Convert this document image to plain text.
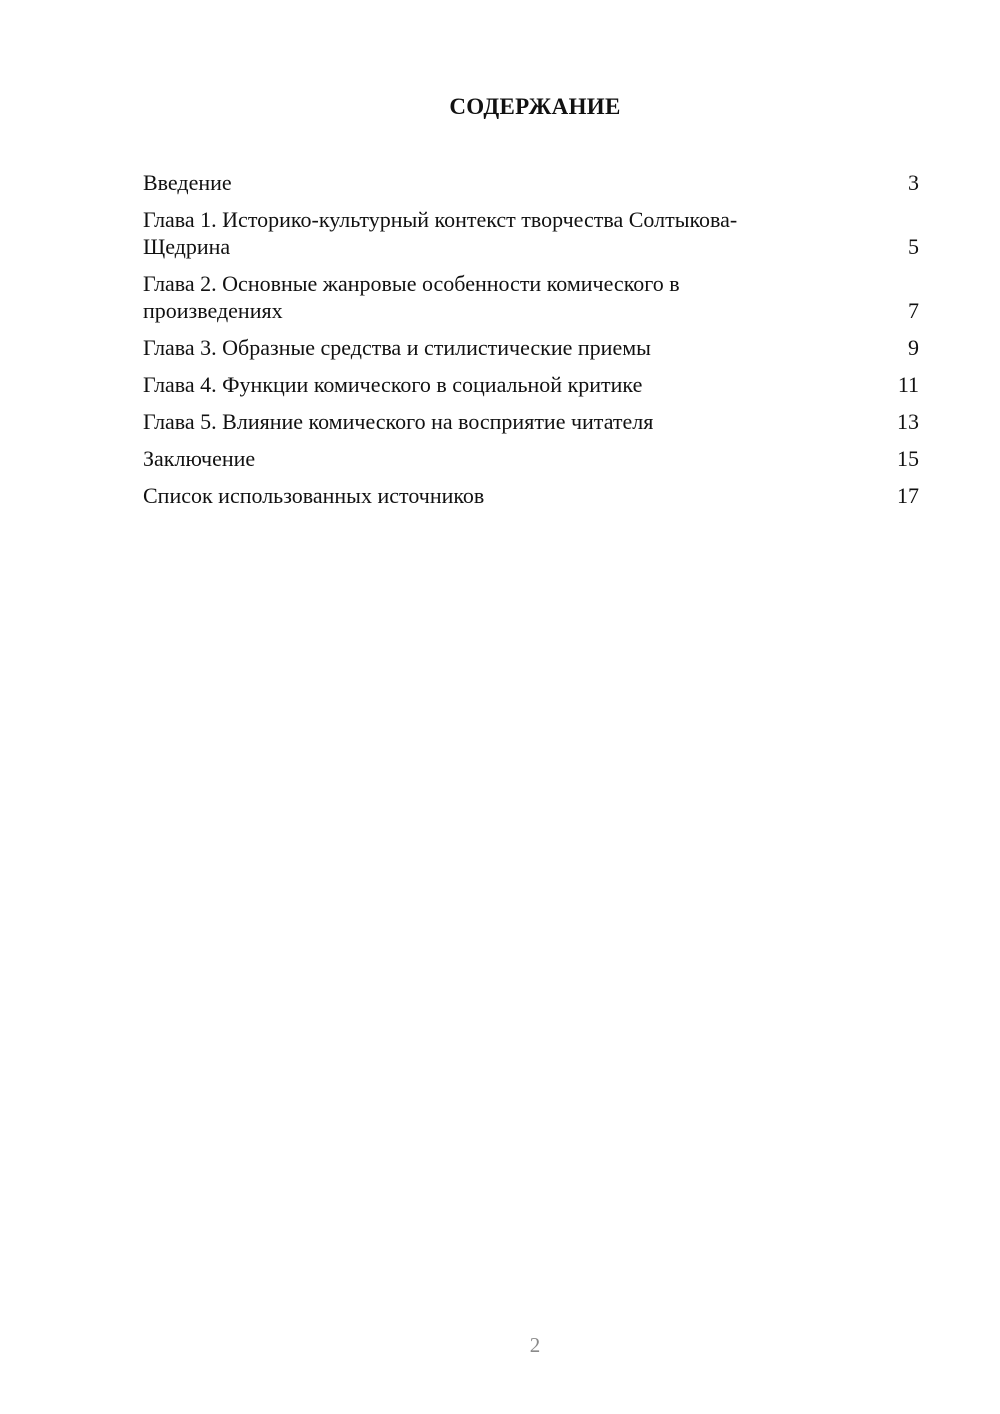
СОДЕРЖАНИЕ
Введение	3
Глава 1. Историко-культурный контекст творчества Солтыкова-Щедрина	5
Глава 2. Основные жанровые особенности комического в произведениях	7
Глава 3. Образные средства и стилистические приемы	9
Глава 4. Функции комического в социальной критике	11
Глава 5. Влияние комического на восприятие читателя	13
Заключение	15
Список использованных источников	17
2
